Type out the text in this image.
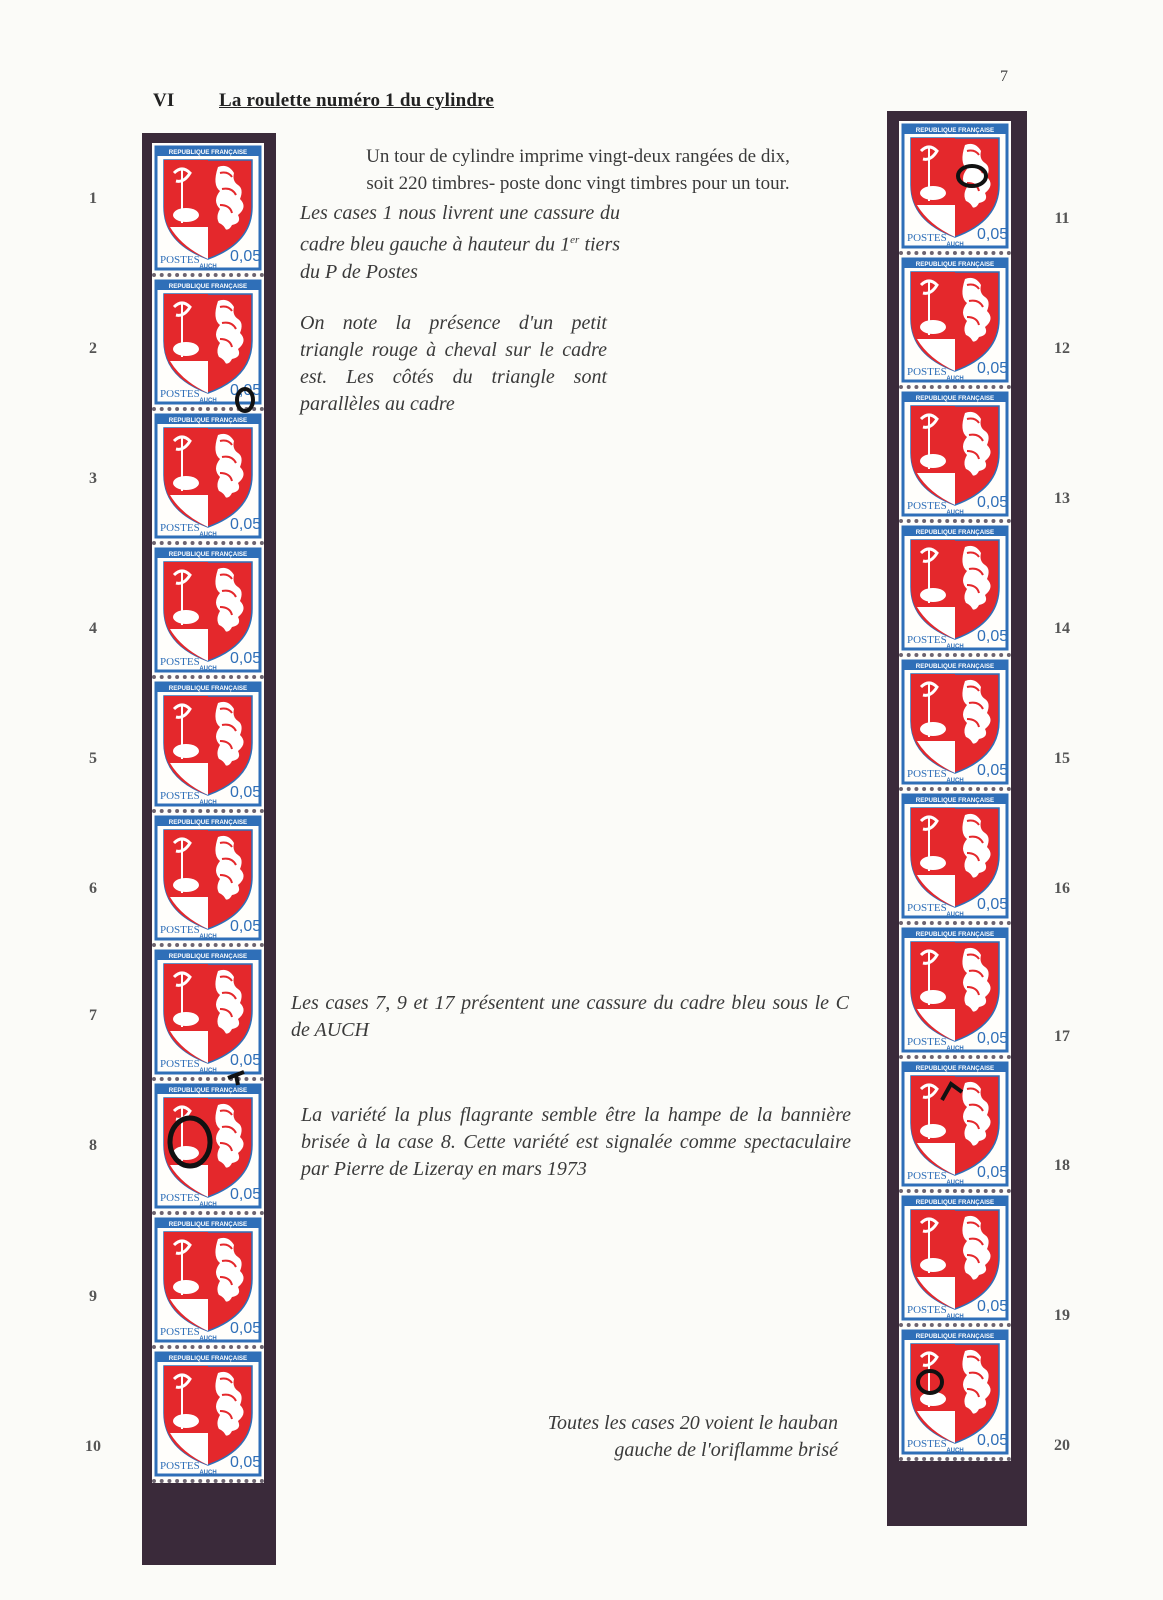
7
VI La roulette numéro 1 du cylindre
REPUBLIQUE FRANÇAISE
POSTES 0,05
AUCH
REPUBLIQUE FRANÇAISE
POSTES 0,05
AUCH
REPUBLIQUE FRANÇAISE
POSTES 0,05
AUCH
REPUBLIQUE FRANÇAISE
POSTES 0,05
AUCH
REPUBLIQUE FRANÇAISE
POSTES 0,05
AUCH
REPUBLIQUE FRANÇAISE
POSTES 0,05
AUCH
REPUBLIQUE FRANÇAISE
POSTES 0,05
AUCH
REPUBLIQUE FRANÇAISE
POSTES 0,05
AUCH
REPUBLIQUE FRANÇAISE
POSTES 0,05
AUCH
REPUBLIQUE FRANÇAISE
POSTES 0,05
AUCH
REPUBLIQUE FRANÇAISE
POSTES 0,05
AUCH
REPUBLIQUE FRANÇAISE
POSTES 0,05
AUCH
REPUBLIQUE FRANÇAISE
POSTES 0,05
AUCH
REPUBLIQUE FRANÇAISE
POSTES 0,05
AUCH
REPUBLIQUE FRANÇAISE
POSTES 0,05
AUCH
REPUBLIQUE FRANÇAISE
POSTES 0,05
AUCH
REPUBLIQUE FRANÇAISE
POSTES 0,05
AUCH
REPUBLIQUE FRANÇAISE
POSTES 0,05
AUCH
REPUBLIQUE FRANÇAISE
POSTES 0,05
AUCH
REPUBLIQUE FRANÇAISE
POSTES 0,05
AUCH
1
2
3
4
5
6
7
8
9
10
11
12
13
14
15
16
17
18
19
20
Un tour de cylindre imprime vingt-deux rangées de dix,
soit 220 timbres- poste donc vingt timbres pour un tour.
Les cases 1 nous livrent une cassure du cadre bleu gauche à hauteur du 1er tiers du P de Postes
On note la présence d'un petit triangle rouge à cheval sur le cadre est. Les côtés du triangle sont parallèles au cadre
Les cases 7, 9 et 17 présentent une cassure du cadre bleu sous le C de AUCH
La variété la plus flagrante semble être la hampe de la bannière brisée à la case 8. Cette variété est signalée comme spectaculaire par Pierre de Lizeray en mars 1973
Toutes les cases 20 voient le hauban
gauche de l'oriflamme brisé
